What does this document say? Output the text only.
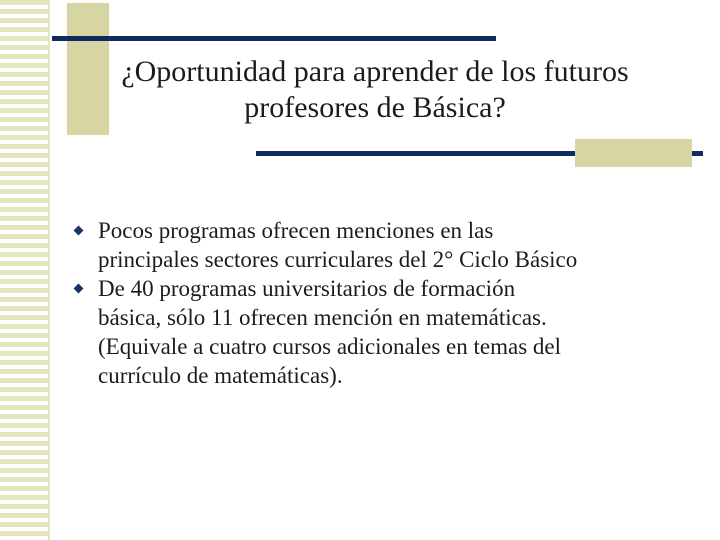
¿Oportunidad para aprender de los futuros
profesores de Básica?
Pocos programas ofrecen menciones en las
principales sectores curriculares del 2° Ciclo Básico
De 40 programas universitarios de formación
básica, sólo 11 ofrecen mención en matemáticas.
(Equivale a cuatro cursos adicionales en temas del
currículo de matemáticas).
